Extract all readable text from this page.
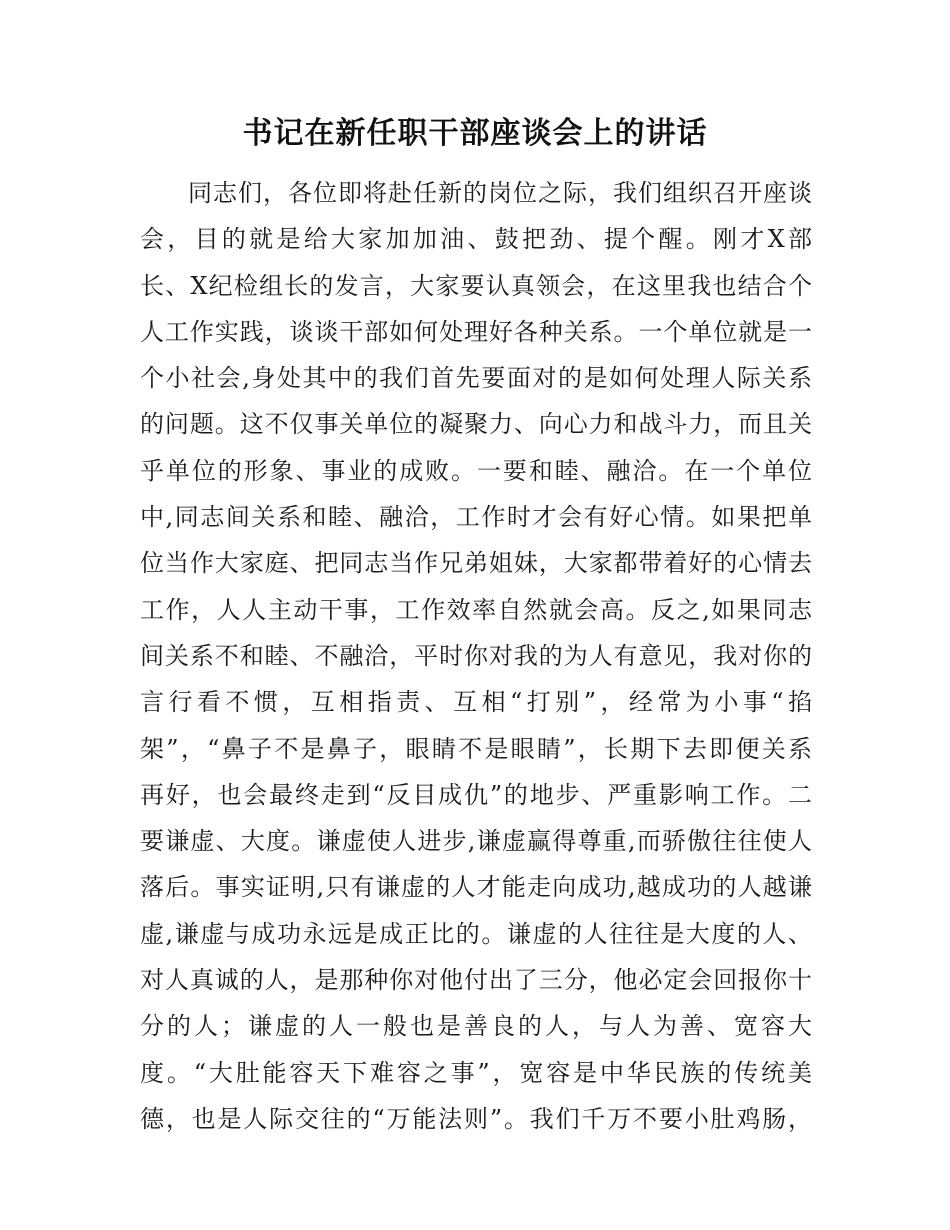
书记在新任职干部座谈会上的讲话
同志们，各位即将赴任新的岗位之际，我们组织召开座谈
会，目的就是给大家加加油、鼓把劲、提个醒。刚才X部
长、X纪检组长的发言，大家要认真领会，在这里我也结合个
人工作实践，谈谈干部如何处理好各种关系。一个单位就是一
个小社会,身处其中的我们首先要面对的是如何处理人际关系
的问题。这不仅事关单位的凝聚力、向心力和战斗力，而且关
乎单位的形象、事业的成败。一要和睦、融洽。在一个单位
中,同志间关系和睦、融洽，工作时才会有好心情。如果把单
位当作大家庭、把同志当作兄弟姐妹，大家都带着好的心情去
工作，人人主动干事，工作效率自然就会高。反之,如果同志
间关系不和睦、不融洽，平时你对我的为人有意见，我对你的
言行看不惯，互相指责、互相“打别”，经常为小事“掐
架”，“鼻子不是鼻子，眼睛不是眼睛”，长期下去即便关系
再好，也会最终走到“反目成仇”的地步、严重影响工作。二
要谦虚、大度。谦虚使人进步,谦虚赢得尊重,而骄傲往往使人
落后。事实证明,只有谦虚的人才能走向成功,越成功的人越谦
虚,谦虚与成功永远是成正比的。谦虚的人往往是大度的人、
对人真诚的人，是那种你对他付出了三分，他必定会回报你十
分的人；谦虚的人一般也是善良的人，与人为善、宽容大
度。“大肚能容天下难容之事”，宽容是中华民族的传统美
德，也是人际交往的“万能法则”。我们千万不要小肚鸡肠，
